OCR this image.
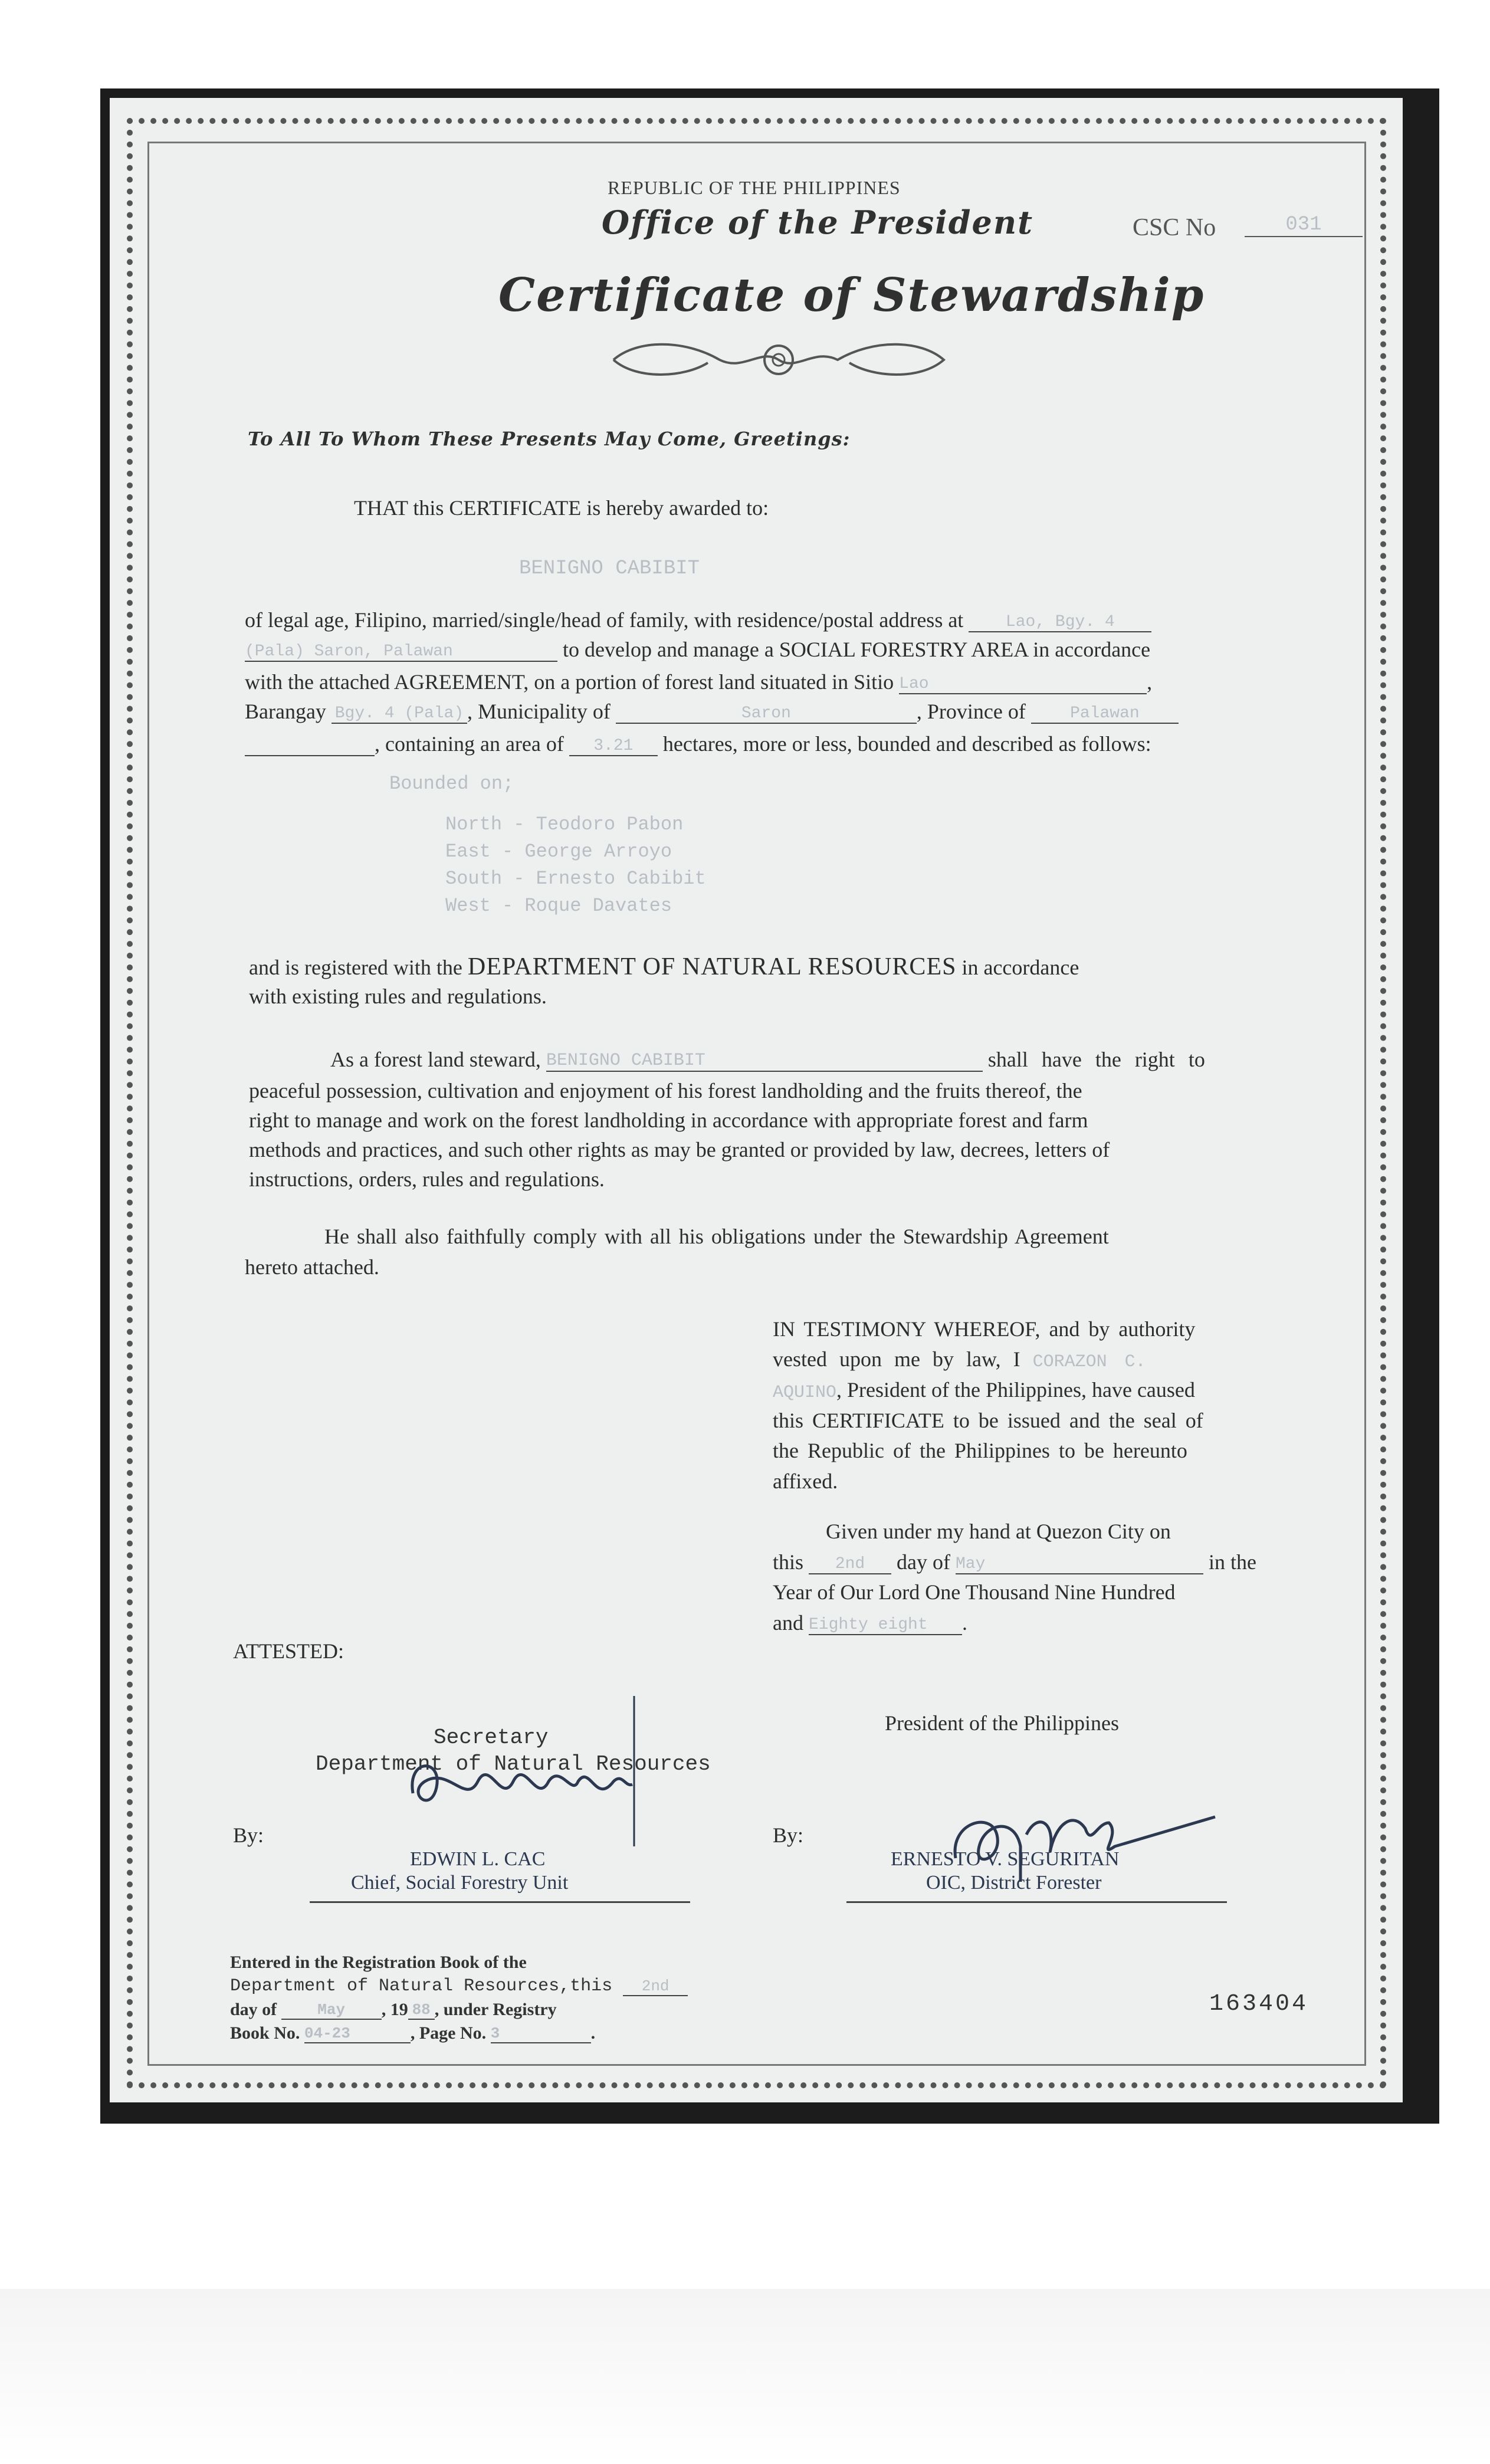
REPUBLIC OF THE PHILIPPINES
Office of the President	CSC No	031
Certificate of Stewardship
To All To Whom These Presents May Come, Greetings:
THAT this CERTIFICATE is hereby awarded to:
BENIGNO CABIBIT
of legal age, Filipino, married/single/head of family, with residence/postal address at	Lao, Bgy. 4
(Pala) Saron, Palawan	to develop and manage a SOCIAL FORESTRY AREA in accordance
with the attached AGREEMENT, on a portion of forest land situated in Sitio Lao	,
Barangay Bgy. 4 (Pala) , Municipality of	Saron	, Province of	Palawan
, containing an area of 3.21 hectares, more or less, bounded and described as follows:
Bounded on;
North - Teodoro Pabon
East - George Arroyo
South - Ernesto Cabibit
West - Roque Davates
and is registered with the DEPARTMENT OF NATURAL RESOURCES in accordance
with existing rules and regulations.
As a forest land steward, BENIGNO CABIBIT	shall have the right to
peaceful possession, cultivation and enjoyment of his forest landholding and the fruits thereof, the
right to manage and work on the forest landholding in accordance with appropriate forest and farm
methods and practices, and such other rights as may be granted or provided by law, decrees, letters of
instructions, orders, rules and regulations.
He shall also faithfully comply with all his obligations under the Stewardship Agreement
hereto attached.
IN TESTIMONY WHEREOF, and by authority
vested upon me by law, I CORAZON C.
AQUINO, President of the Philippines, have caused
this CERTIFICATE to be issued and the seal of
the Republic of the Philippines to be hereunto
affixed.
Given under my hand at Quezon City on
this 2nd day of May	in the
Year of Our Lord One Thousand Nine Hundred
and Eighty eight .
ATTESTED:
Secretary
Department of Natural Resources
President of the Philippines
By:	By:
EDWIN L. CAC
Chief, Social Forestry Unit
ERNESTO V. SEGURITAN
OIC, District Forester
Entered in the Registration Book of the
Department of Natural Resources,this 2nd
day of	May , 19 88 , under Registry
Book No. 04-23	, Page No. 3	.
163404
